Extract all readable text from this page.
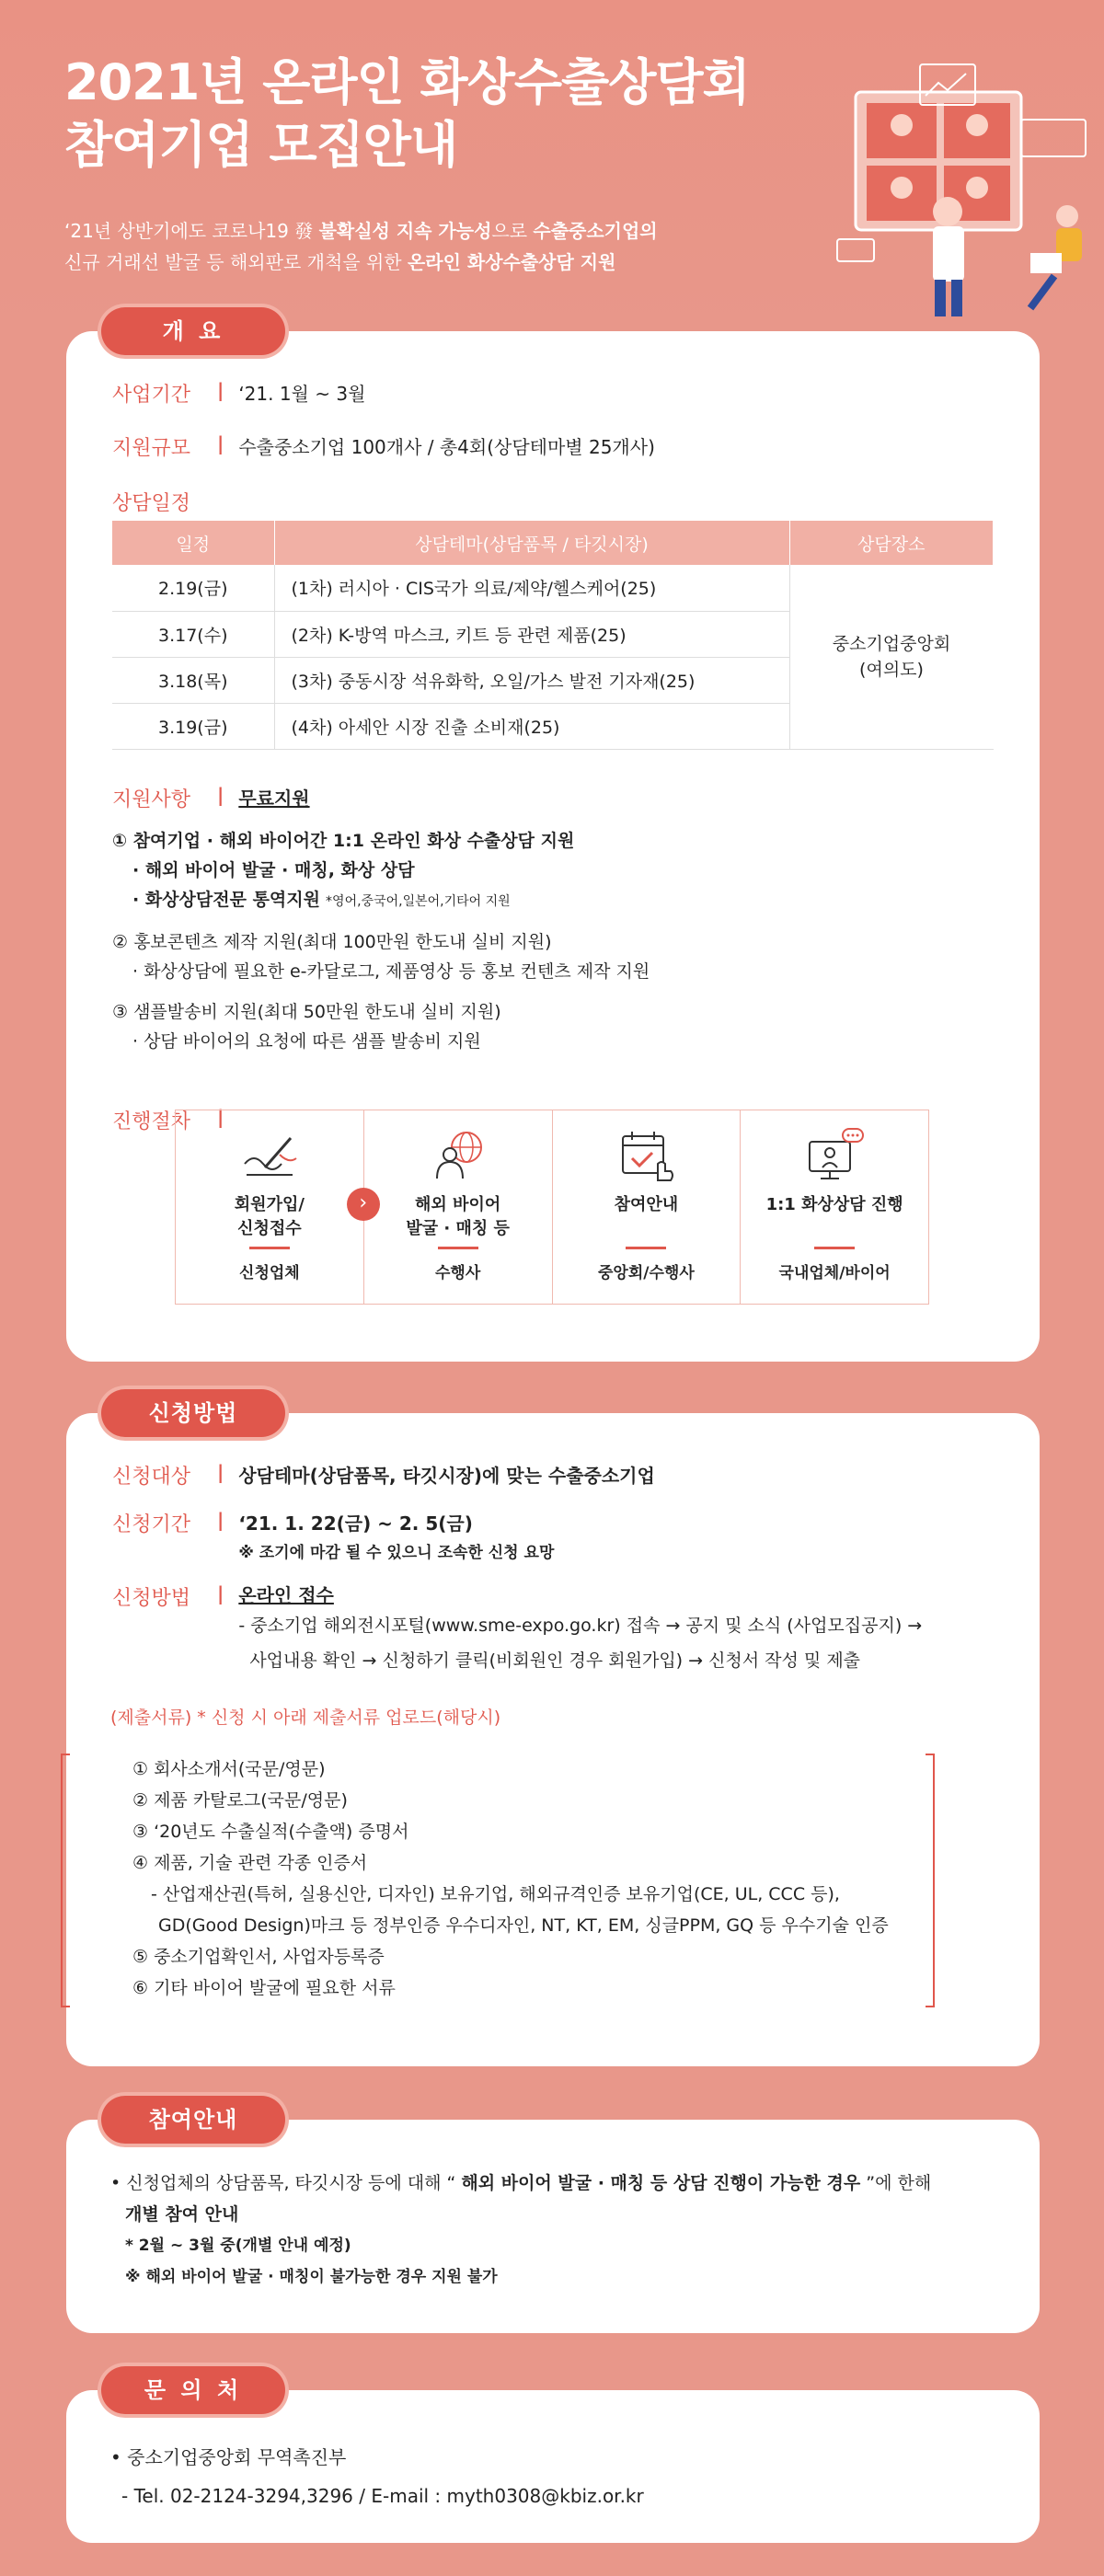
2021년 온라인 화상수출상담회
참여기업 모집안내
‘21년 상반기에도 코로나19 發 불확실성 지속 가능성으로 수출중소기업의
신규 거래선 발굴 등 해외판로 개척을 위한 온라인 화상수출상담 지원
개 요
사업기간	| ‘21. 1월 ~ 3월
지원규모	| 수출중소기업 100개사 / 총4회(상담테마별 25개사)
상담일정
일정	상담테마(상담품목 / 타깃시장)	상담장소
2.19(금)	(1차) 러시아 · CIS국가 의료/제약/헬스케어(25)	중소기업중앙회
(여의도)

3.17(수)	(2차) K-방역 마스크, 키트 등 관련 제품(25)	
3.18(목)	(3차) 중동시장 석유화학, 오일/가스 발전 기자재(25)	
3.19(금)	(4차) 아세안 시장 진출 소비재(25)	
지원사항	| 무료지원
① 참여기업 · 해외 바이어간 1:1 온라인 화상 수출상담 지원
· 해외 바이어 발굴 · 매칭, 화상 상담
· 화상상담전문 통역지원 *영어,중국어,일본어,기타어 지원
② 홍보콘텐츠 제작 지원(최대 100만원 한도내 실비 지원)
· 화상상담에 필요한 e-카달로그, 제품영상 등 홍보 컨텐츠 제작 지원
③ 샘플발송비 지원(최대 50만원 한도내 실비 지원)
· 상담 바이어의 요청에 따른 샘플 발송비 지원
진행절차	|
회원가입/
신청접수
신청업체
›	해외 바이어
발굴 · 매칭 등
수행사
참여안내
중앙회/수행사
1:1 화상상담 진행
국내업체/바이어
신청방법
신청대상	| 상담테마(상담품목, 타깃시장)에 맞는 수출중소기업
신청기간	| ‘21. 1. 22(금) ~ 2. 5(금)
※ 조기에 마감 될 수 있으니 조속한 신청 요망
신청방법	| 온라인 접수
- 중소기업 해외전시포털(www.sme-expo.go.kr) 접속 → 공지 및 소식 (사업모집공지) →
사업내용 확인 → 신청하기 클릭(비회원인 경우 회원가입) → 신청서 작성 및 제출
(제출서류) * 신청 시 아래 제출서류 업로드(해당시)
① 회사소개서(국문/영문)
② 제품 카탈로그(국문/영문)
③ ‘20년도 수출실적(수출액) 증명서
④ 제품, 기술 관련 각종 인증서
- 산업재산권(특허, 실용신안, 디자인) 보유기업, 해외규격인증 보유기업(CE, UL, CCC 등),
GD(Good Design)마크 등 정부인증 우수디자인, NT, KT, EM, 싱글PPM, GQ 등 우수기술 인증
⑤ 중소기업확인서, 사업자등록증
⑥ 기타 바이어 발굴에 필요한 서류
참여안내
• 신청업체의 상담품목, 타깃시장 등에 대해 “ 해외 바이어 발굴 · 매칭 등 상담 진행이 가능한 경우 ”에 한해
개별 참여 안내
* 2월 ~ 3월 중(개별 안내 예정)
※ 해외 바이어 발굴 · 매칭이 불가능한 경우 지원 불가
문 의 처
• 중소기업중앙회 무역촉진부
- Tel. 02-2124-3294,3296 / E-mail : myth0308@kbiz.or.kr
